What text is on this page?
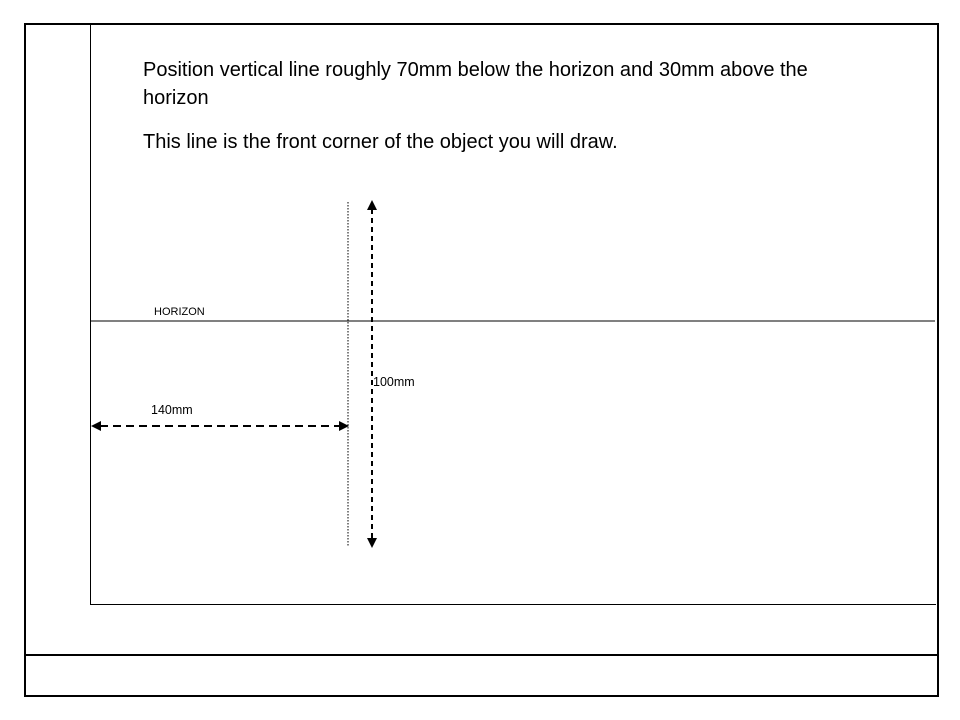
Position vertical line roughly 70mm below the horizon and 30mm above the horizon

This line is the front corner of the object you will draw.

HORIZON
100mm
140mm
